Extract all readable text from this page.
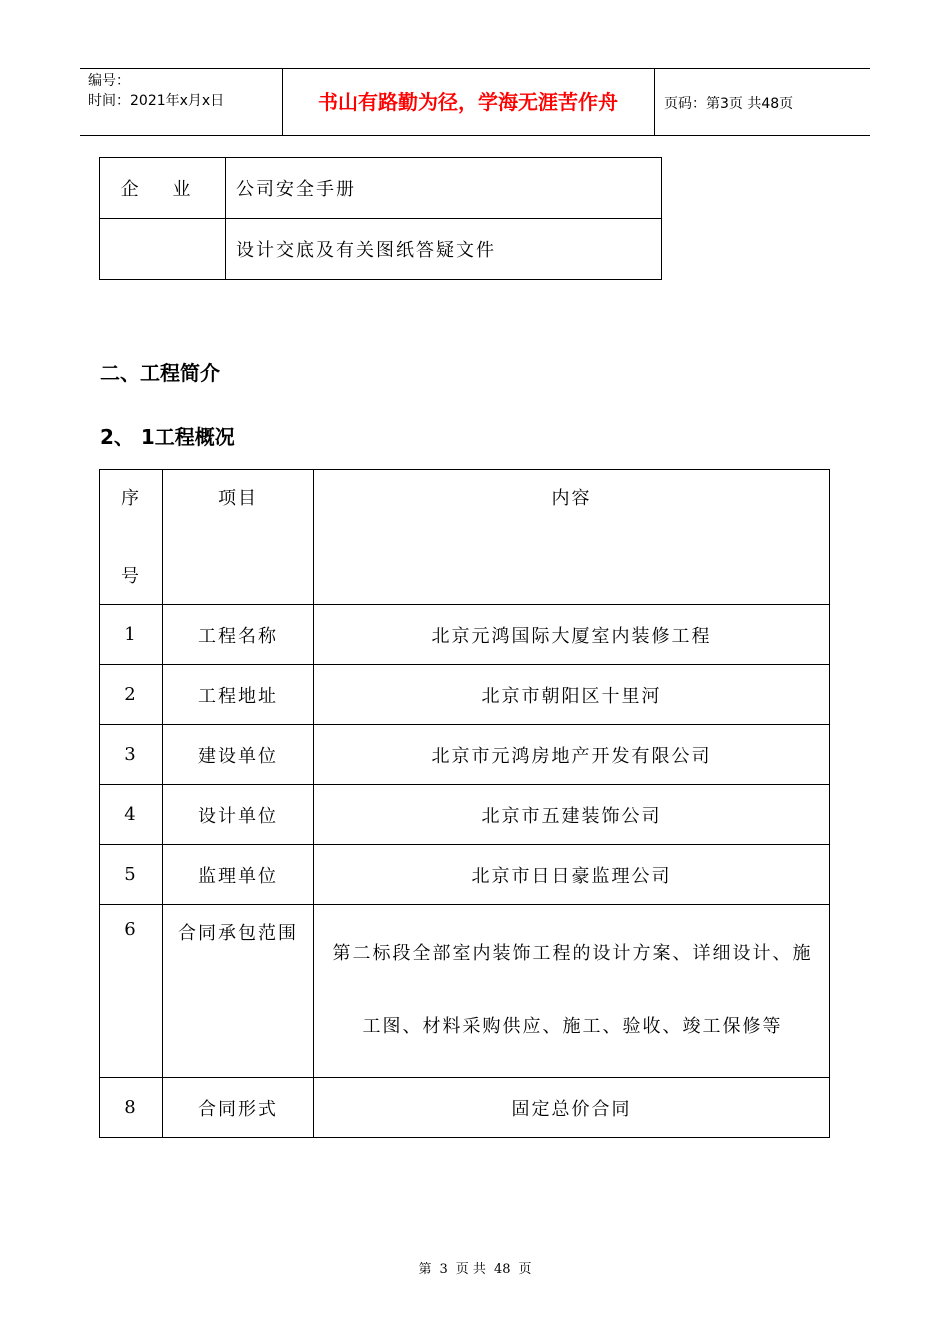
编号：
时间：2021年x月x日	书山有路勤为径，学海无涯苦作舟	页码：第3页 共48页
企 业	公司安全手册
	设计交底及有关图纸答疑文件
二、工程简介
2、 1工程概况
序
号	项目	内容
1	工程名称	北京元鸿国际大厦室内装修工程
2	工程地址	北京市朝阳区十里河
3	建设单位	北京市元鸿房地产开发有限公司
4	设计单位	北京市五建装饰公司
5	监理单位	北京市日日豪监理公司
6	合同承包范围	第二标段全部室内装饰工程的设计方案、详细设计、施工图、材料采购供应、施工、验收、竣工保修等
8	合同形式	固定总价合同
第 3 页 共 48 页
